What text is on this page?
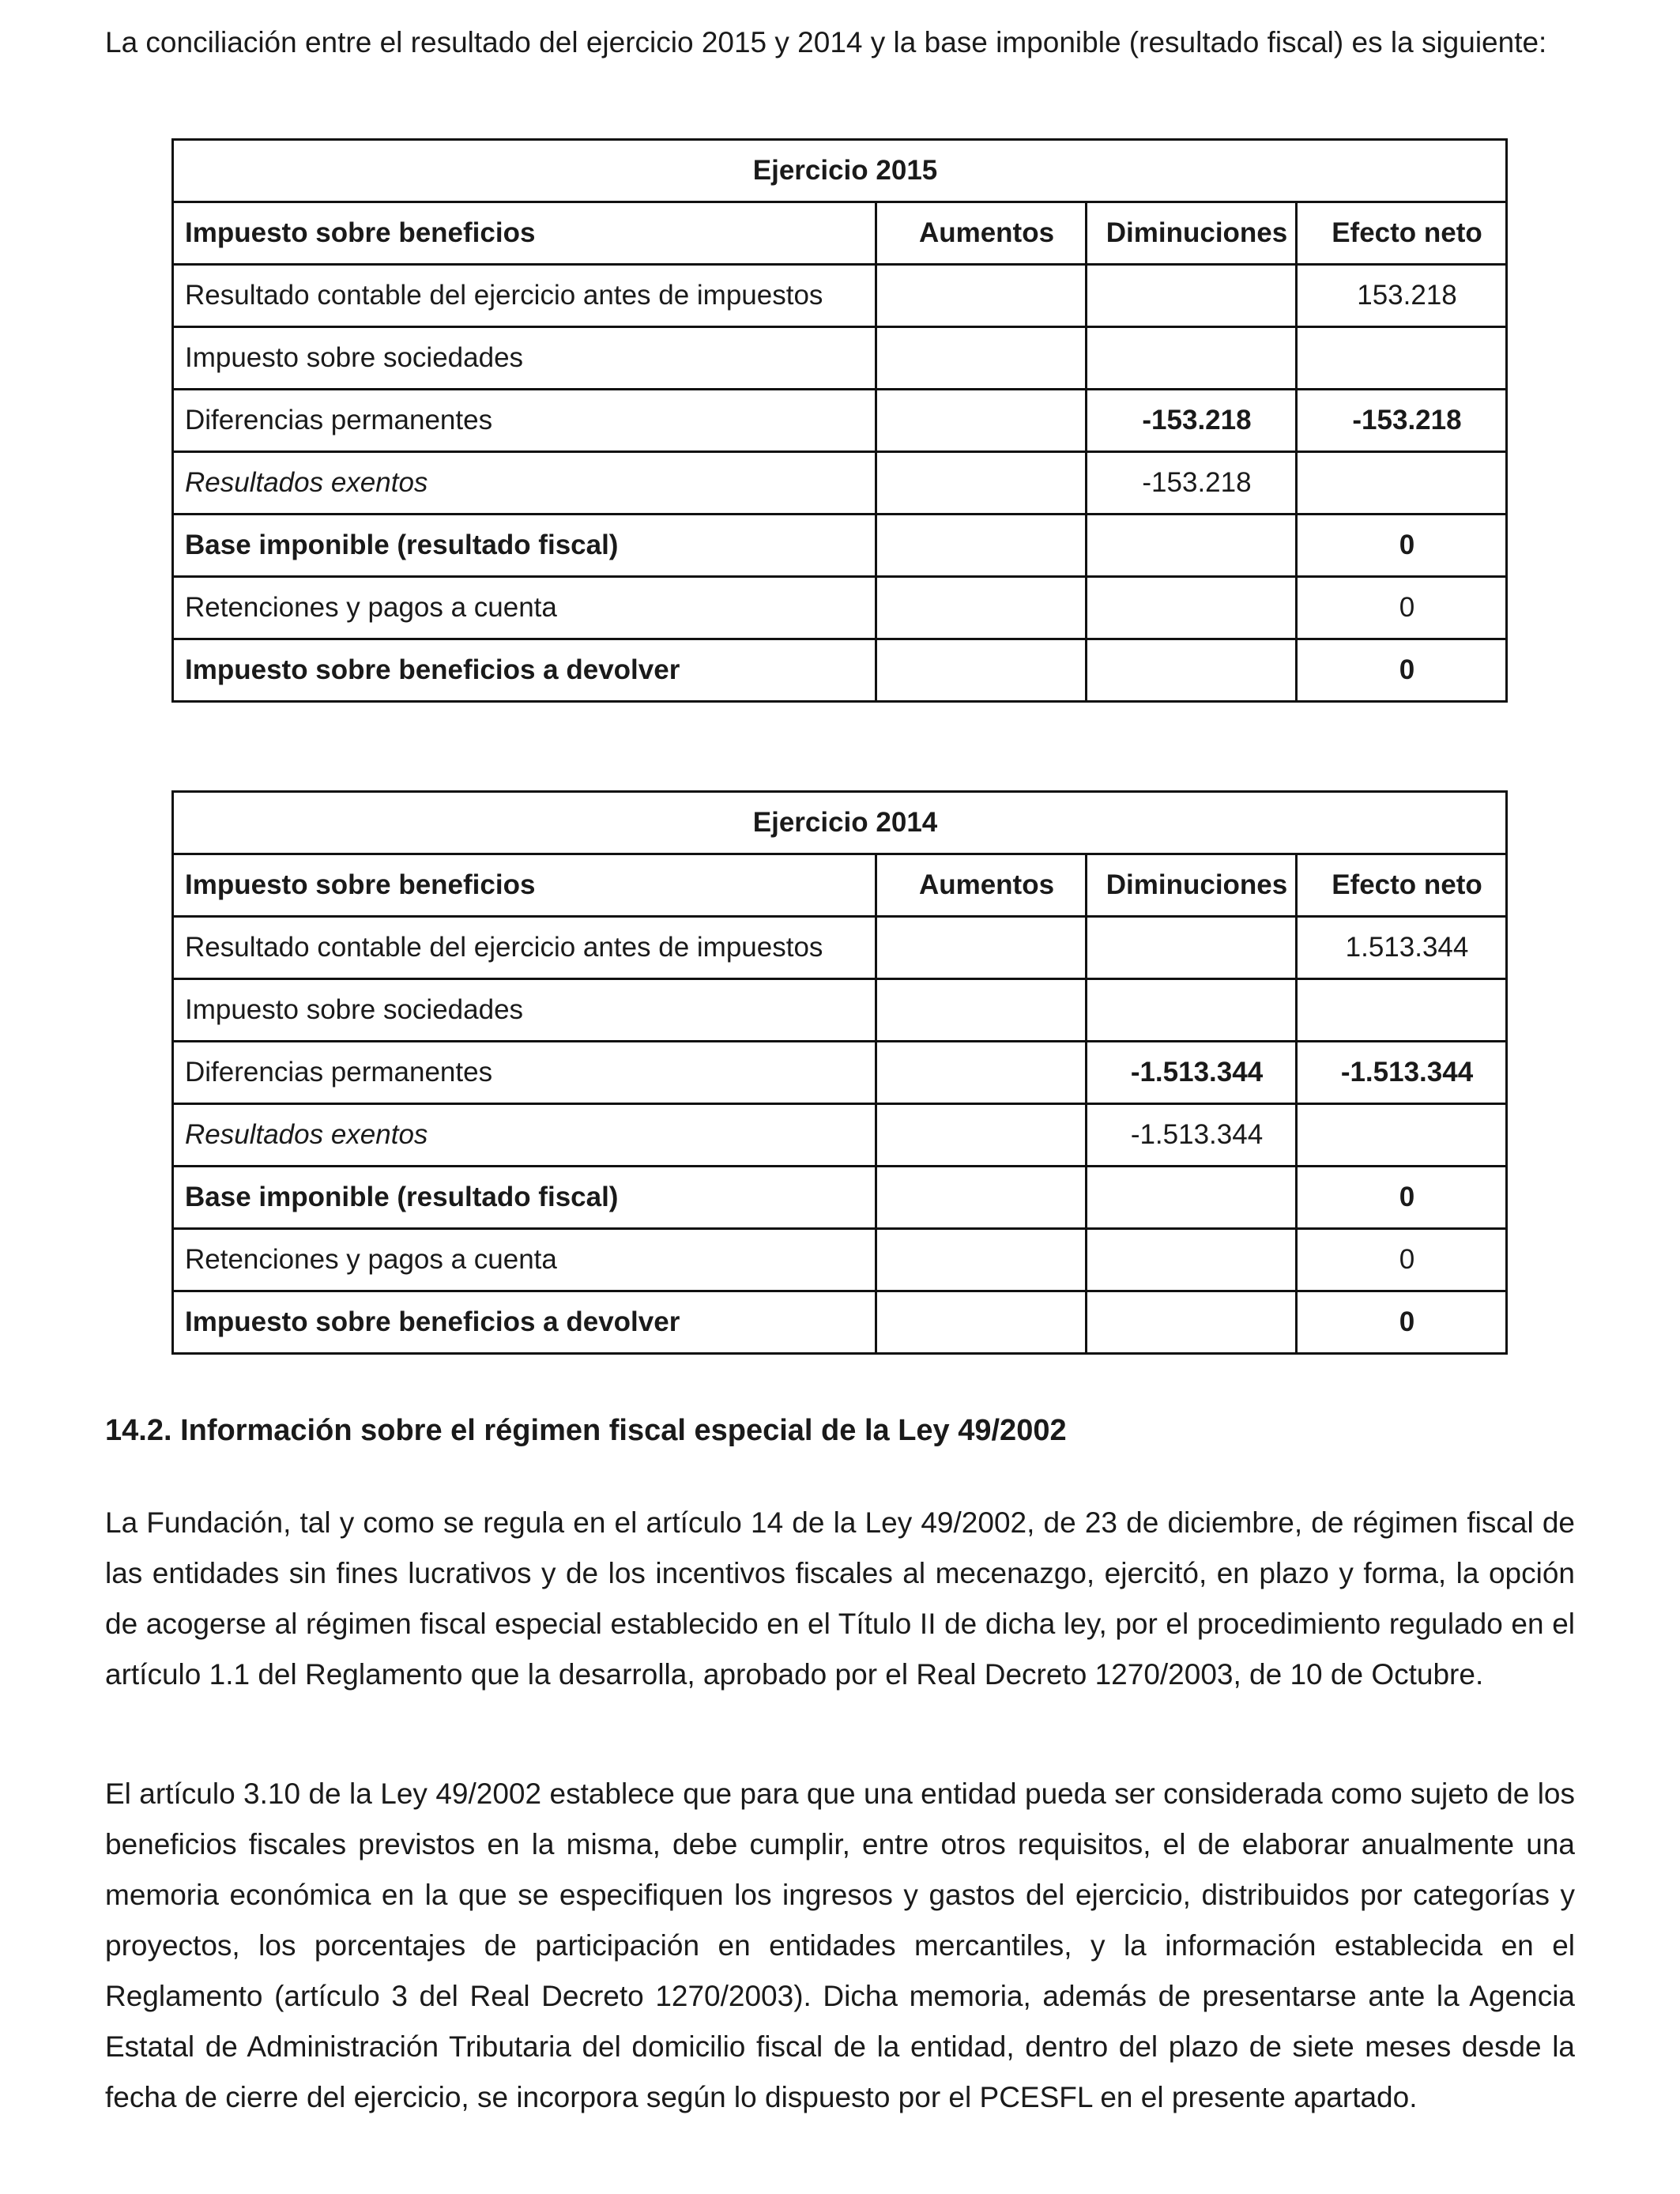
La conciliación entre el resultado del ejercicio 2015 y 2014 y la base imponible (resultado fiscal) es la siguiente:

Ejercicio 2015			
Impuesto sobre beneficios	Aumentos	Diminuciones	Efecto neto
Resultado contable del ejercicio antes de impuestos			153.218
Impuesto sobre sociedades			
Diferencias permanentes		-153.218	-153.218
Resultados exentos		-153.218	
Base imponible (resultado fiscal)			0
Retenciones y pagos a cuenta			0
Impuesto sobre beneficios a devolver			0
Ejercicio 2014			
Impuesto sobre beneficios	Aumentos	Diminuciones	Efecto neto
Resultado contable del ejercicio antes de impuestos			1.513.344
Impuesto sobre sociedades			
Diferencias permanentes		-1.513.344	-1.513.344
Resultados exentos		-1.513.344	
Base imponible (resultado fiscal)			0
Retenciones y pagos a cuenta			0
Impuesto sobre beneficios a devolver			0
14.2. Información sobre el régimen fiscal especial de la Ley 49/2002

La Fundación, tal y como se regula en el artículo 14 de la Ley 49/2002, de 23 de diciembre, de régimen fiscal de las entidades sin fines lucrativos y de los incentivos fiscales al mecenazgo, ejercitó, en plazo y forma, la opción de acogerse al régimen fiscal especial establecido en el Título II de dicha ley, por el procedimiento regulado en el artículo 1.1 del Reglamento que la desarrolla, aprobado por el Real Decreto 1270/2003, de 10 de Octubre.

El artículo 3.10 de la Ley 49/2002 establece que para que una entidad pueda ser considerada como sujeto de los beneficios fiscales previstos en la misma, debe cumplir, entre otros requisitos, el de elaborar anualmente una memoria económica en la que se especifiquen los ingresos y gastos del ejercicio, distribuidos por categorías y proyectos, los porcentajes de participación en entidades mercantiles, y la información establecida en el Reglamento (artículo 3 del Real Decreto 1270/2003). Dicha memoria, además de presentarse ante la Agencia Estatal de Administración Tributaria del domicilio fiscal de la entidad, dentro del plazo de siete meses desde la fecha de cierre del ejercicio, se incorpora según lo dispuesto por el PCESFL en el presente apartado.
